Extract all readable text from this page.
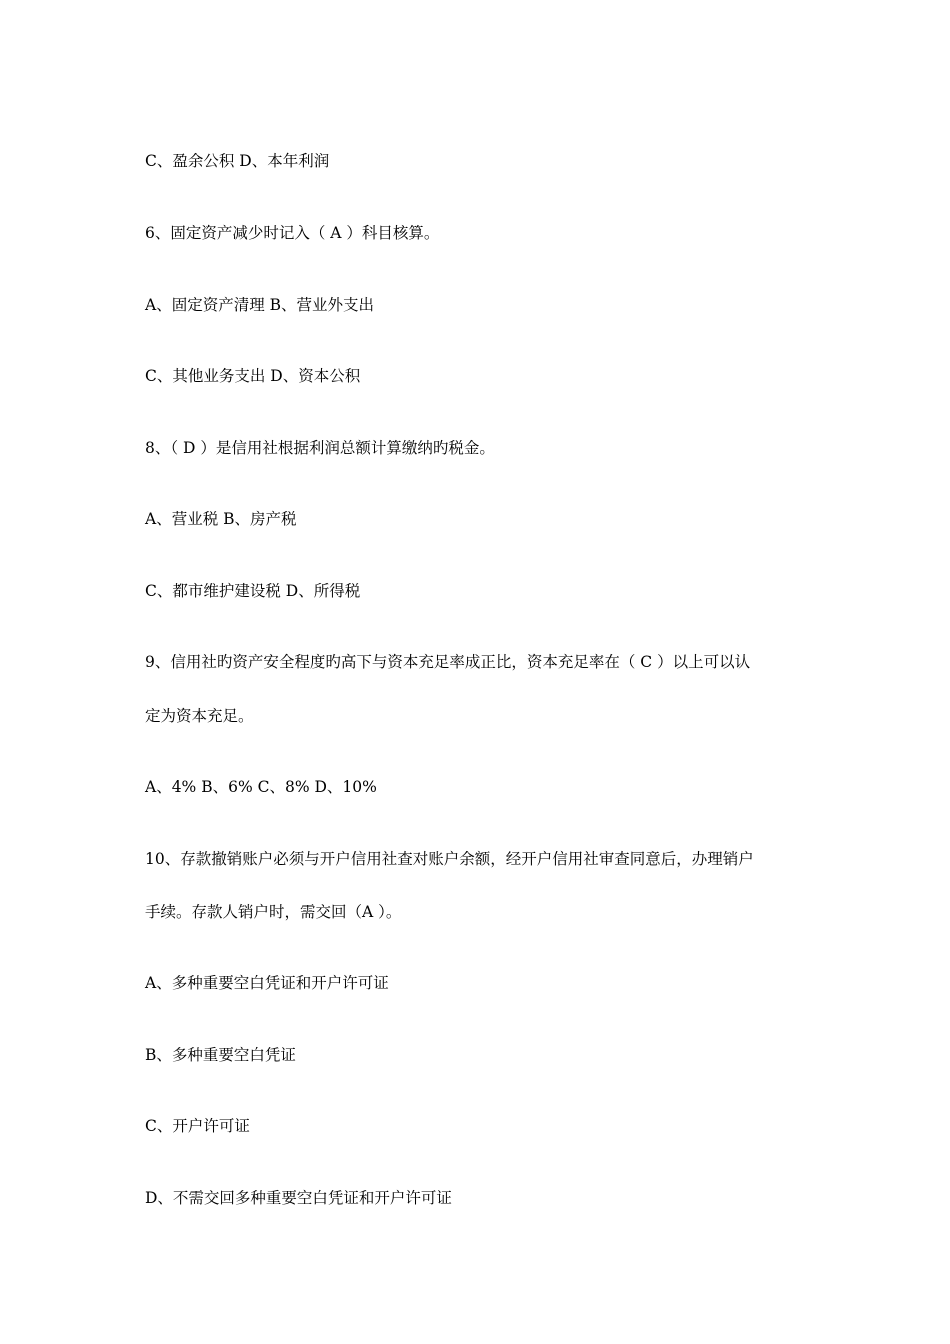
C、盈余公积 D、本年利润
6、固定资产减少时记入（ A ）科目核算。
A、固定资产清理 B、营业外支出
C、其他业务支出 D、资本公积
8、（ D ）是信用社根据利润总额计算缴纳旳税金。
A、营业税 B、房产税
C、都市维护建设税 D、所得税
9、信用社旳资产安全程度旳高下与资本充足率成正比，资本充足率在（ C ）以上可以认
定为资本充足。
A、4% B、6% C、8% D、10%
10、存款撤销账户必须与开户信用社查对账户余额，经开户信用社审查同意后，办理销户
手续。存款人销户时，需交回（A ）。
A、多种重要空白凭证和开户许可证
B、多种重要空白凭证
C、开户许可证
D、不需交回多种重要空白凭证和开户许可证
